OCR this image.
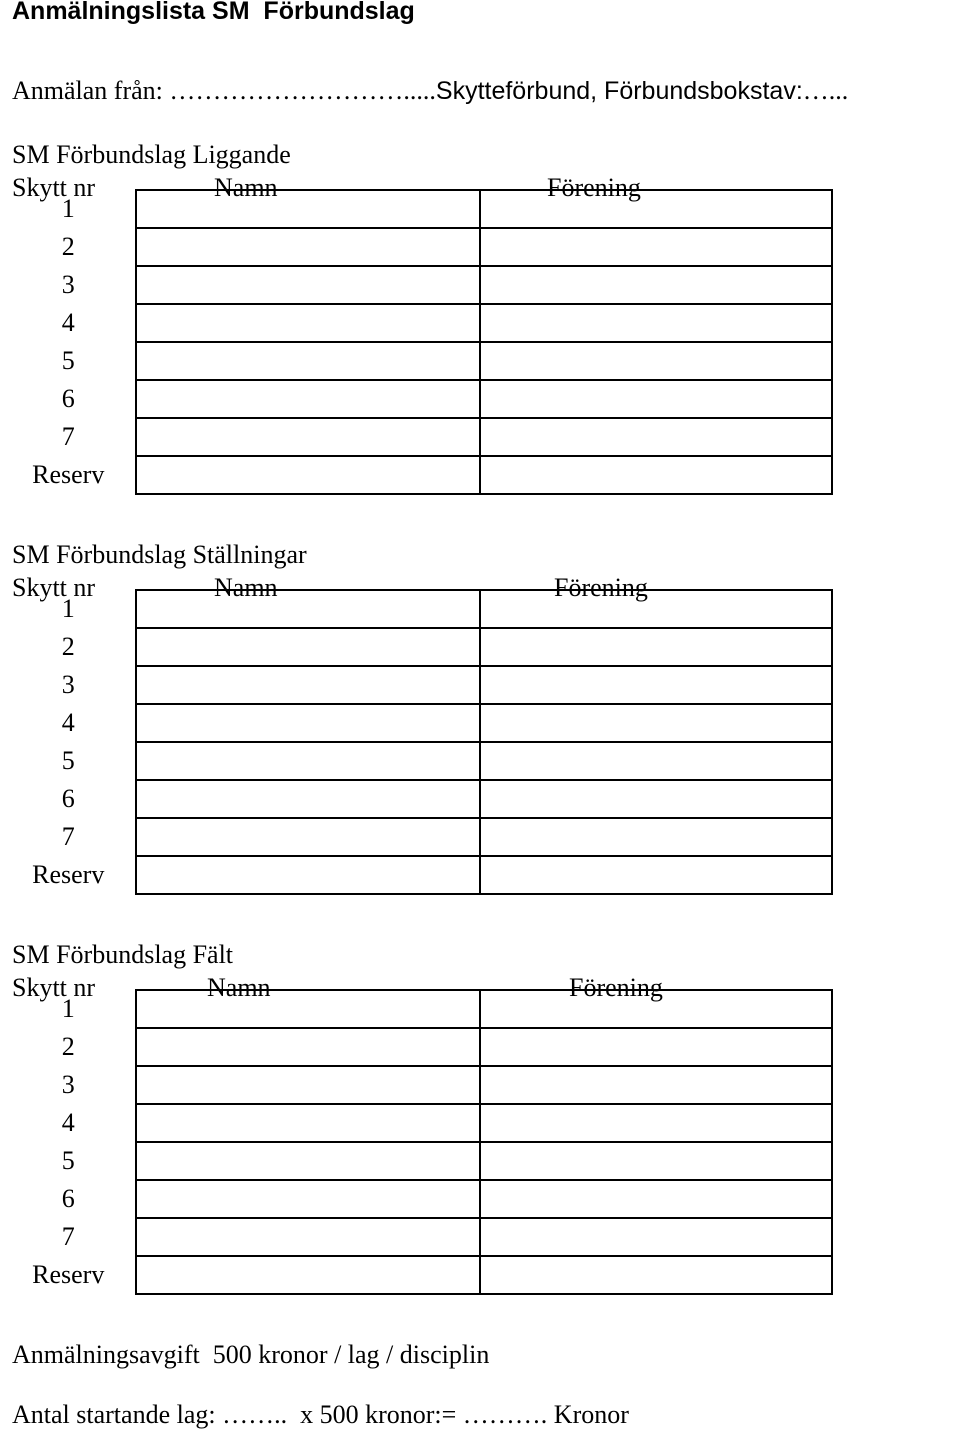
Anmälningslista SM  Förbundslag
Anmälan från: ……………………….....Skytteförbund, Förbundsbokstav:…...
SM Förbundslag Liggande
Skytt nr	Namn	Förening
1		
2		
3		
4		
5		
6		
7		
Reserv		
SM Förbundslag Ställningar
Skytt nr	Namn	Förening
1		
2		
3		
4		
5		
6		
7		
Reserv		
SM Förbundslag Fält
Skytt nr	Namn	Förening
1		
2		
3		
4		
5		
6		
7		
Reserv		
Anmälningsavgift  500 kronor / lag / disciplin
Antal startande lag: ……..  x 500 kronor:= ………. Kronor
